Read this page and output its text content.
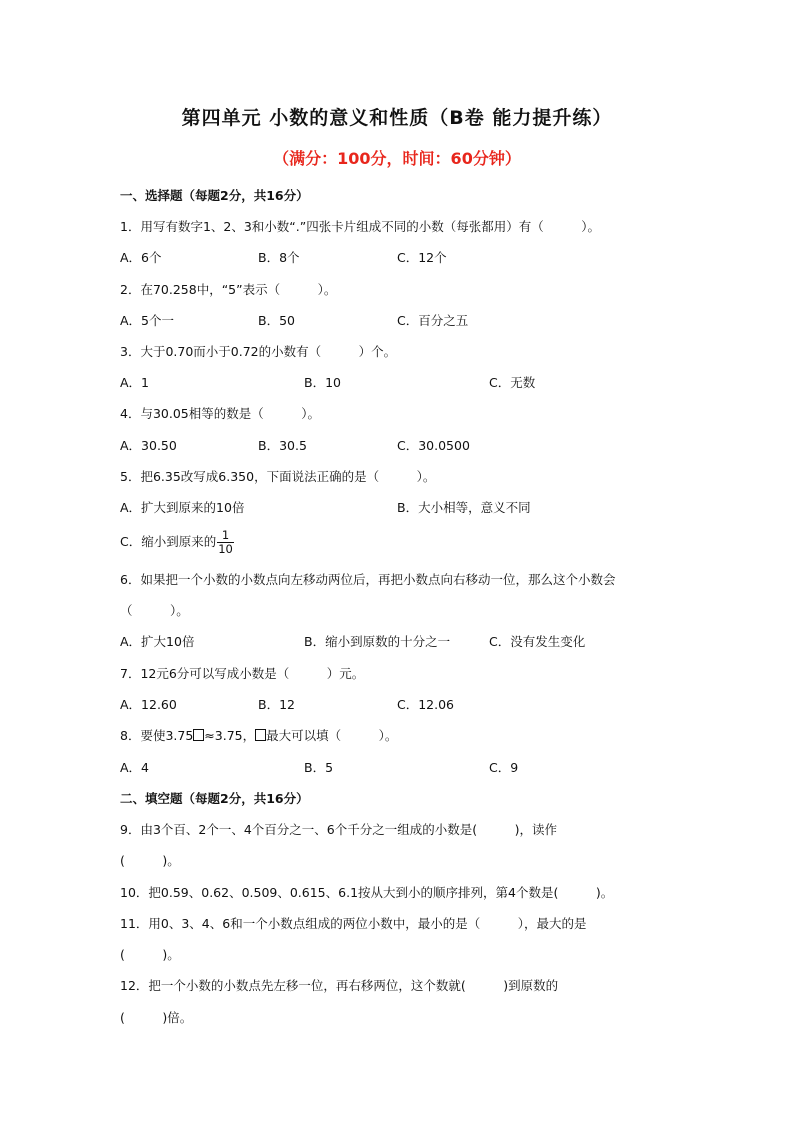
第四单元 小数的意义和性质（B卷 能力提升练）
（满分：100分，时间：60分钟）
一、选择题（每题2分，共16分）
1．用写有数字1、2、3和小数“.”四张卡片组成不同的小数（每张都用）有（　　　）。
A．6个	B．8个	C．12个
2．在70.258中，“5”表示（　　　）。
A．5个一	B．50	C．百分之五
3．大于0.70而小于0.72的小数有（　　　）个。
A．1	B．10	C．无数
4．与30.05相等的数是（　　　）。
A．30.50	B．30.5	C．30.0500
5．把6.35改写成6.350，下面说法正确的是（　　　）。
A．扩大到原来的10倍	B．大小相等，意义不同
C．缩小到原来的 $\frac{1}{10}$
6．如果把一个小数的小数点向左移动两位后，再把小数点向右移动一位，那么这个小数会
（　　　）。
A．扩大10倍	B．缩小到原数的十分之一	C．没有发生变化
7．12元6分可以写成小数是（　　　）元。
A．12.60	B．12	C．12.06
8．要使3.75 ≈3.75， 最大可以填（　　　）。
A．4	B．5	C．9
二、填空题（每题2分，共16分）
9．由3个百、2个一、4个百分之一、6个千分之一组成的小数是(　　　)，读作
(　　　)。
10．把0.59、0.62、0.509、0.615、6.1按从大到小的顺序排列，第4个数是(　　　)。
11．用0、3、4、6和一个小数点组成的两位小数中，最小的是（　　　），最大的是
(　　　)。
12．把一个小数的小数点先左移一位，再右移两位，这个数就(　　　)到原数的
(　　　)倍。
